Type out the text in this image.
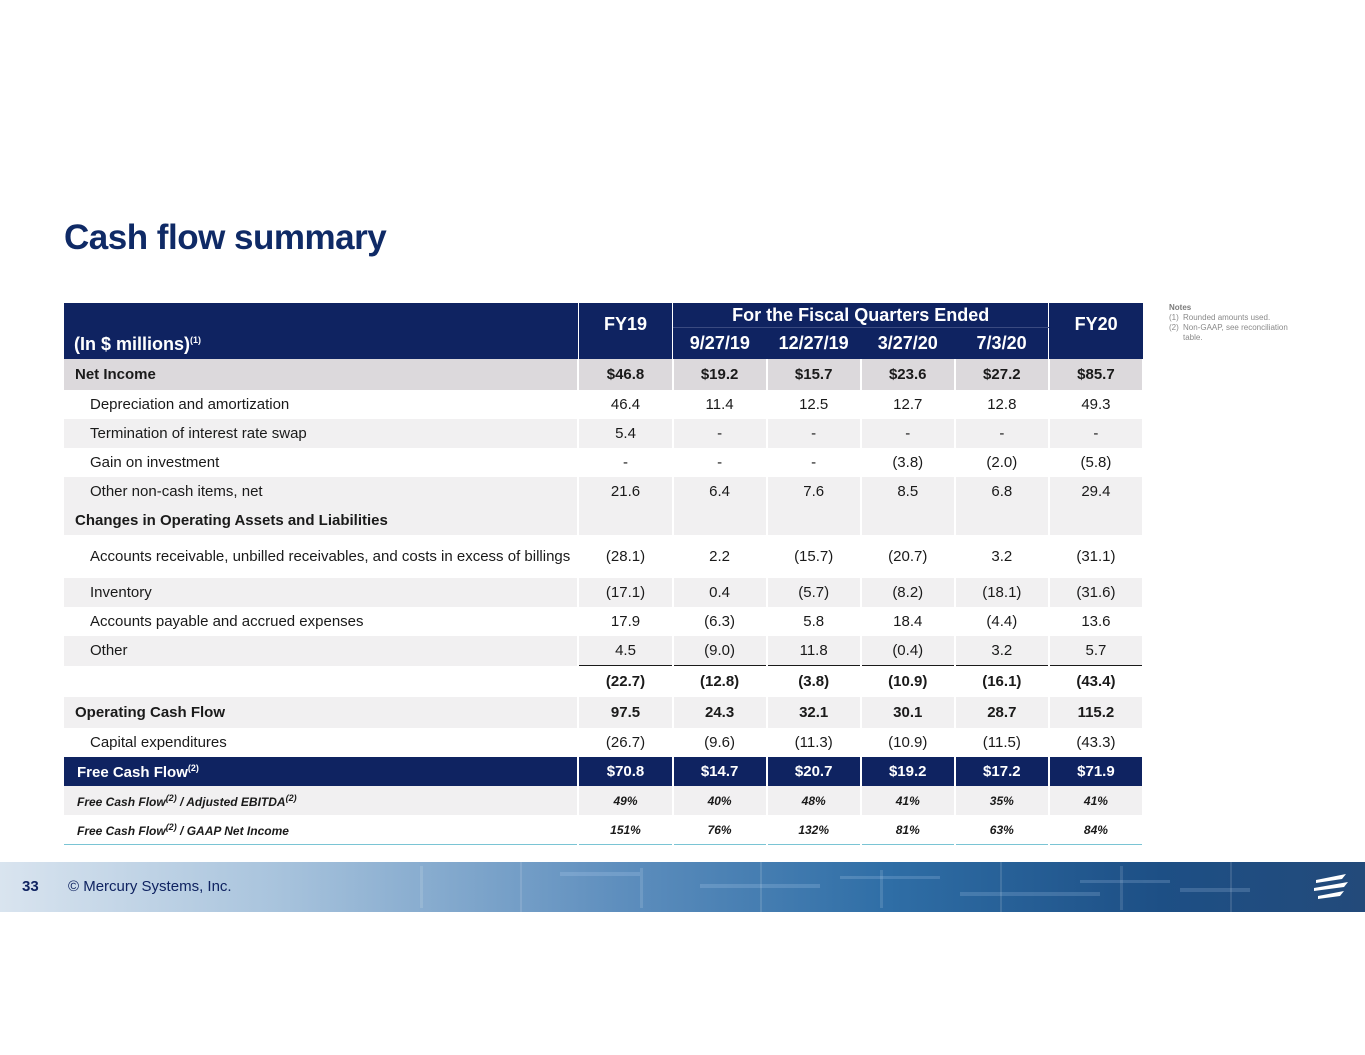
Cash flow summary
Notes
(1) Rounded amounts used.
(2) Non-GAAP, see reconciliation table.
(In $ millions)$^{(1)}$	FY19	For the Fiscal Quarters Ended				FY20
		9/27/19	12/27/19	3/27/20	7/3/20	
Net Income	$46.8	$19.2	$15.7	$23.6	$27.2	$85.7
Depreciation and amortization	46.4	11.4	12.5	12.7	12.8	49.3
Termination of interest rate swap	5.4	-	-	-	-	-
Gain on investment	-	-	-	(3.8)	(2.0)	(5.8)
Other non-cash items, net	21.6	6.4	7.6	8.5	6.8	29.4
Changes in Operating Assets and Liabilities						
Accounts receivable, unbilled receivables, and costs in excess of billings	(28.1)	2.2	(15.7)	(20.7)	3.2	(31.1)
Inventory	(17.1)	0.4	(5.7)	(8.2)	(18.1)	(31.6)
Accounts payable and accrued expenses	17.9	(6.3)	5.8	18.4	(4.4)	13.6
Other	4.5	(9.0)	11.8	(0.4)	3.2	5.7
	(22.7)	(12.8)	(3.8)	(10.9)	(16.1)	(43.4)
Operating Cash Flow	97.5	24.3	32.1	30.1	28.7	115.2
Capital expenditures	(26.7)	(9.6)	(11.3)	(10.9)	(11.5)	(43.3)
Free Cash Flow$^{(2)}$	$70.8	$14.7	$20.7	$19.2	$17.2	$71.9
Free Cash Flow$^{(2)}$ / Adjusted EBITDA$^{(2)}$	49%	40%	48%	41%	35%	41%
Free Cash Flow$^{(2)}$ / GAAP Net Income	151%	76%	132%	81%	63%	84%
33 © Mercury Systems, Inc.
